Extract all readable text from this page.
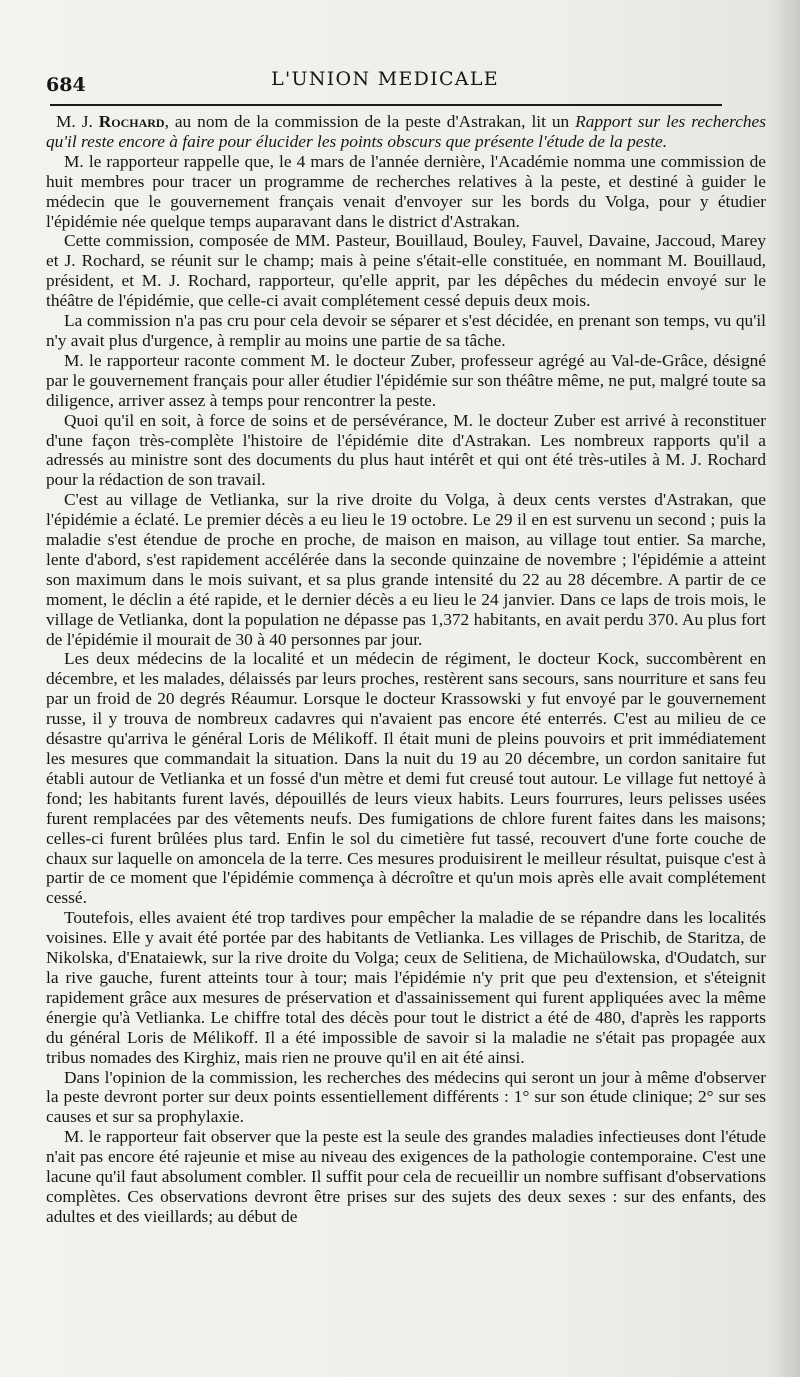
684	L'UNION MEDICALE

M. J. Rochard, au nom de la commission de la peste d'Astrakan, lit un Rapport sur les recherches qu'il reste encore à faire pour élucider les points obscurs que présente l'étude de la peste.

M. le rapporteur rappelle que, le 4 mars de l'année dernière, l'Académie nomma une commission de huit membres pour tracer un programme de recherches relatives à la peste, et destiné à guider le médecin que le gouvernement français venait d'envoyer sur les bords du Volga, pour y étudier l'épidémie née quelque temps auparavant dans le district d'Astrakan.

Cette commission, composée de MM. Pasteur, Bouillaud, Bouley, Fauvel, Davaine, Jaccoud, Marey et J. Rochard, se réunit sur le champ; mais à peine s'était-elle constituée, en nommant M. Bouillaud, président, et M. J. Rochard, rapporteur, qu'elle apprit, par les dépêches du médecin envoyé sur le théâtre de l'épidémie, que celle-ci avait complétement cessé depuis deux mois.

La commission n'a pas cru pour cela devoir se séparer et s'est décidée, en prenant son temps, vu qu'il n'y avait plus d'urgence, à remplir au moins une partie de sa tâche.

M. le rapporteur raconte comment M. le docteur Zuber, professeur agrégé au Val-de-Grâce, désigné par le gouvernement français pour aller étudier l'épidémie sur son théâtre même, ne put, malgré toute sa diligence, arriver assez à temps pour rencontrer la peste.

Quoi qu'il en soit, à force de soins et de persévérance, M. le docteur Zuber est arrivé à reconstituer d'une façon très-complète l'histoire de l'épidémie dite d'Astrakan. Les nombreux rapports qu'il a adressés au ministre sont des documents du plus haut intérêt et qui ont été très-utiles à M. J. Rochard pour la rédaction de son travail.

C'est au village de Vetlianka, sur la rive droite du Volga, à deux cents verstes d'Astrakan, que l'épidémie a éclaté. Le premier décès a eu lieu le 19 octobre. Le 29 il en est survenu un second ; puis la maladie s'est étendue de proche en proche, de maison en maison, au village tout entier. Sa marche, lente d'abord, s'est rapidement accélérée dans la seconde quinzaine de novembre ; l'épidémie a atteint son maximum dans le mois suivant, et sa plus grande intensité du 22 au 28 décembre. A partir de ce moment, le déclin a été rapide, et le dernier décès a eu lieu le 24 janvier. Dans ce laps de trois mois, le village de Vetlianka, dont la population ne dépasse pas 1,372 habitants, en avait perdu 370. Au plus fort de l'épidémie il mourait de 30 à 40 personnes par jour.

Les deux médecins de la localité et un médecin de régiment, le docteur Kock, succombèrent en décembre, et les malades, délaissés par leurs proches, restèrent sans secours, sans nourriture et sans feu par un froid de 20 degrés Réaumur. Lorsque le docteur Krassowski y fut envoyé par le gouvernement russe, il y trouva de nombreux cadavres qui n'avaient pas encore été enterrés. C'est au milieu de ce désastre qu'arriva le général Loris de Mélikoff. Il était muni de pleins pouvoirs et prit immédiatement les mesures que commandait la situation. Dans la nuit du 19 au 20 décembre, un cordon sanitaire fut établi autour de Vetlianka et un fossé d'un mètre et demi fut creusé tout autour. Le village fut nettoyé à fond; les habitants furent lavés, dépouillés de leurs vieux habits. Leurs fourrures, leurs pelisses usées furent remplacées par des vêtements neufs. Des fumigations de chlore furent faites dans les maisons; celles-ci furent brûlées plus tard. Enfin le sol du cimetière fut tassé, recouvert d'une forte couche de chaux sur laquelle on amoncela de la terre. Ces mesures produisirent le meilleur résultat, puisque c'est à partir de ce moment que l'épidémie commença à décroître et qu'un mois après elle avait complétement cessé.

Toutefois, elles avaient été trop tardives pour empêcher la maladie de se répandre dans les localités voisines. Elle y avait été portée par des habitants de Vetlianka. Les villages de Prischib, de Staritza, de Nikolska, d'Enataiewk, sur la rive droite du Volga; ceux de Selitiena, de Michaülowska, d'Oudatch, sur la rive gauche, furent atteints tour à tour; mais l'épidémie n'y prit que peu d'extension, et s'éteignit rapidement grâce aux mesures de préservation et d'assainissement qui furent appliquées avec la même énergie qu'à Vetlianka. Le chiffre total des décès pour tout le district a été de 480, d'après les rapports du général Loris de Mélikoff. Il a été impossible de savoir si la maladie ne s'était pas propagée aux tribus nomades des Kirghiz, mais rien ne prouve qu'il en ait été ainsi.

Dans l'opinion de la commission, les recherches des médecins qui seront un jour à même d'observer la peste devront porter sur deux points essentiellement différents : 1° sur son étude clinique; 2° sur ses causes et sur sa prophylaxie.

M. le rapporteur fait observer que la peste est la seule des grandes maladies infectieuses dont l'étude n'ait pas encore été rajeunie et mise au niveau des exigences de la pathologie contemporaine. C'est une lacune qu'il faut absolument combler. Il suffit pour cela de recueillir un nombre suffisant d'observations complètes. Ces observations devront être prises sur des sujets des deux sexes : sur des enfants, des adultes et des vieillards; au début de
